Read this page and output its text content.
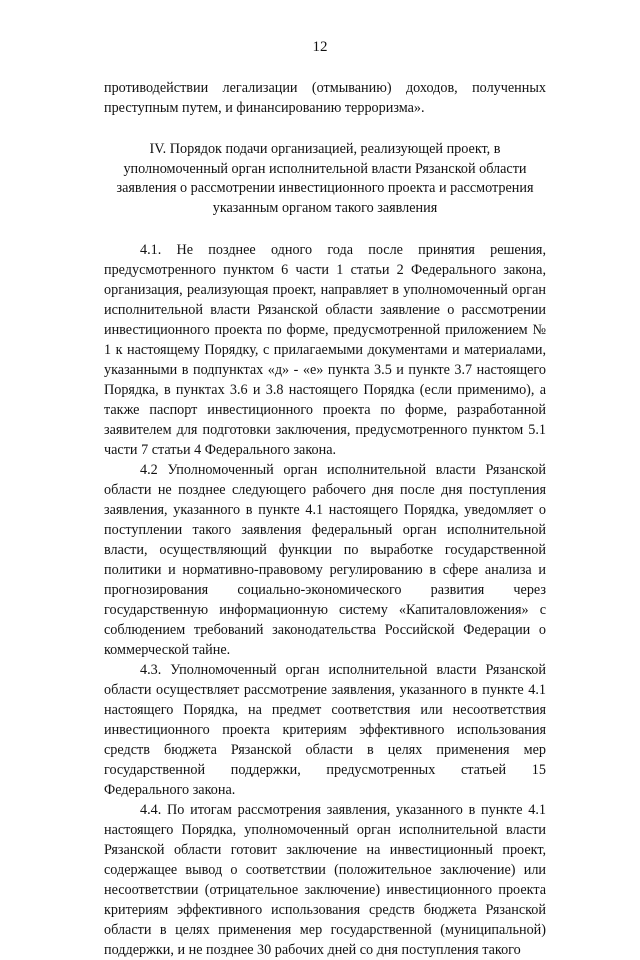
12

противодействии легализации (отмыванию) доходов, полученных преступным путем, и финансированию терроризма».

IV. Порядок подачи организацией, реализующей проект, в уполномоченный орган исполнительной власти Рязанской области заявления о рассмотрении инвестиционного проекта и рассмотрения указанным органом такого заявления

4.1. Не позднее одного года после принятия решения, предусмотренного пунктом 6 части 1 статьи 2 Федерального закона, организация, реализующая проект, направляет в уполномоченный орган исполнительной власти Рязанской области заявление о рассмотрении инвестиционного проекта по форме, предусмотренной приложением № 1 к настоящему Порядку, с прилагаемыми документами и материалами, указанными в подпунктах «д» - «е» пункта 3.5 и пункте 3.7 настоящего Порядка, в пунктах 3.6 и 3.8 настоящего Порядка (если применимо), а также паспорт инвестиционного проекта по форме, разработанной заявителем для подготовки заключения, предусмотренного пунктом 5.1 части 7 статьи 4 Федерального закона.

4.2 Уполномоченный орган исполнительной власти Рязанской области не позднее следующего рабочего дня после дня поступления заявления, указанного в пункте 4.1 настоящего Порядка, уведомляет о поступлении такого заявления федеральный орган исполнительной власти, осуществляющий функции по выработке государственной политики и нормативно-правовому регулированию в сфере анализа и прогнозирования социально-экономического развития через государственную информационную систему «Капиталовложения» с соблюдением требований законодательства Российской Федерации о коммерческой тайне.

4.3. Уполномоченный орган исполнительной власти Рязанской области осуществляет рассмотрение заявления, указанного в пункте 4.1 настоящего Порядка, на предмет соответствия или несоответствия инвестиционного проекта критериям эффективного использования средств бюджета Рязанской области в целях применения мер государственной поддержки, предусмотренных статьей 15 Федерального закона.

4.4. По итогам рассмотрения заявления, указанного в пункте 4.1 настоящего Порядка, уполномоченный орган исполнительной власти Рязанской области готовит заключение на инвестиционный проект, содержащее вывод о соответствии (положительное заключение) или несоответствии (отрицательное заключение) инвестиционного проекта критериям эффективного использования средств бюджета Рязанской области в целях применения мер государственной (муниципальной) поддержки, и не позднее 30 рабочих дней со дня поступления такого
